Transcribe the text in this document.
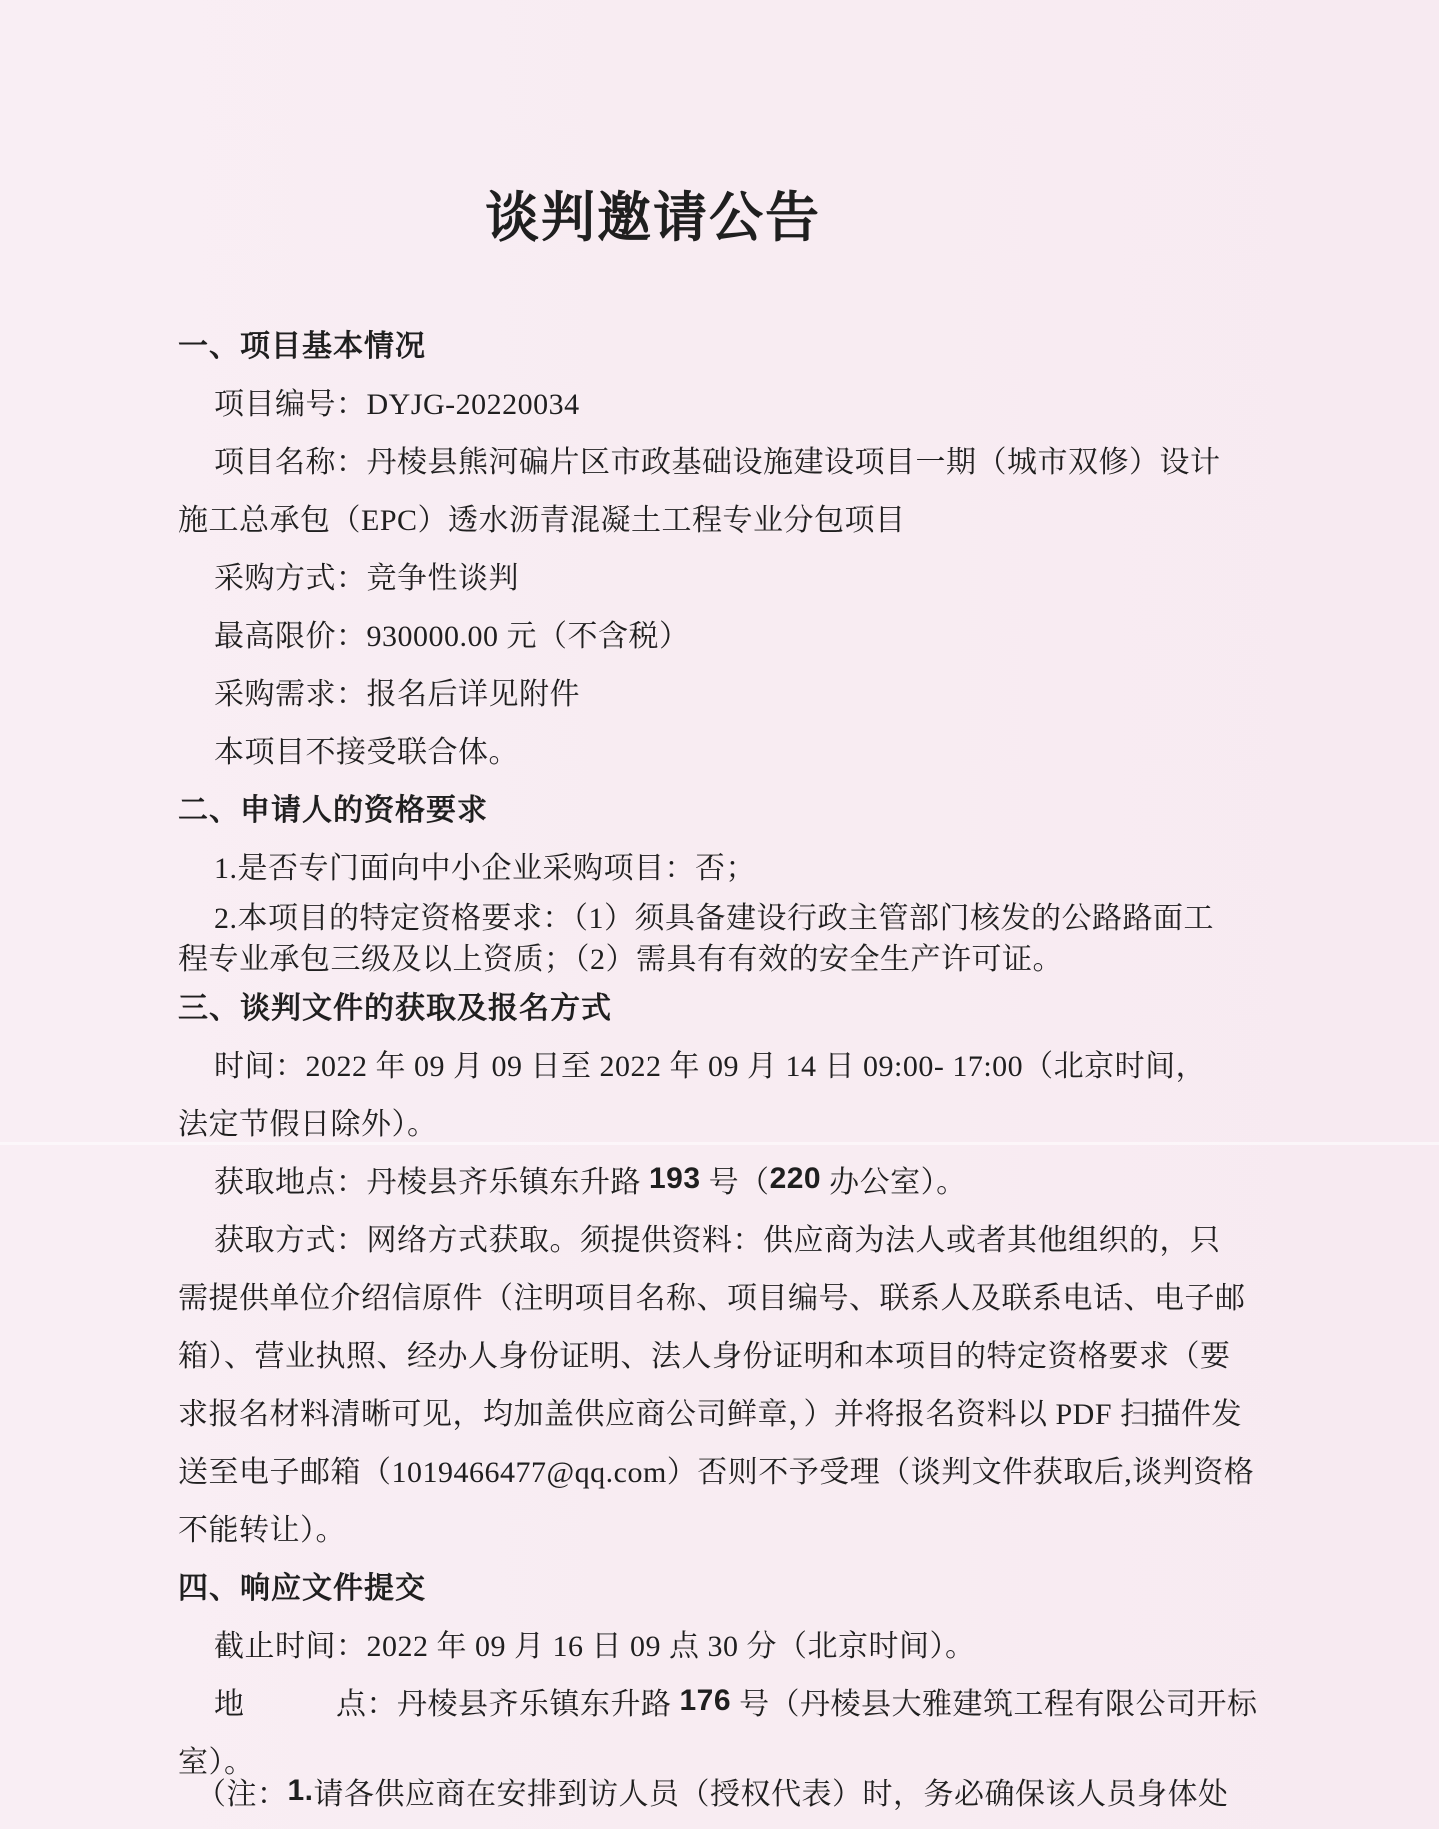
谈判邀请公告
一、项目基本情况
项目编号：DYJG-20220034
项目名称：丹棱县熊河碥片区市政基础设施建设项目一期（城市双修）设计
施工总承包（EPC）透水沥青混凝土工程专业分包项目
采购方式：竞争性谈判
最高限价：930000.00 元（不含税）
采购需求：报名后详见附件
本项目不接受联合体。
二、申请人的资格要求
1.是否专门面向中小企业采购项目：否；
2.本项目的特定资格要求：（1）须具备建设行政主管部门核发的公路路面工
程专业承包三级及以上资质；（2）需具有有效的安全生产许可证。
三、谈判文件的获取及报名方式
时间：2022 年 09 月 09 日至 2022 年 09 月 14 日 09:00- 17:00（北京时间，
法定节假日除外）。
获取地点：丹棱县齐乐镇东升路 193 号（ 220 办公室）。
获取方式：网络方式获取。须提供资料：供应商为法人或者其他组织的，只
需提供单位介绍信原件（注明项目名称、项目编号、联系人及联系电话、电子邮
箱）、营业执照、经办人身份证明、法人身份证明和本项目的特定资格要求（要
求报名材料清晰可见，均加盖供应商公司鲜章，）并将报名资料以 PDF 扫描件发
送至电子邮箱（1019466477@qq.com）否则不予受理（谈判文件获取后,谈判资格
不能转让）。
四、响应文件提交
截止时间：2022 年 09 月 16 日 09 点 30 分（北京时间）。
地　　　点：丹棱县齐乐镇东升路 176 号（丹棱县大雅建筑工程有限公司开标
室）。
（注： 1. 请各供应商在安排到访人员（授权代表）时，务必确保该人员身体处
